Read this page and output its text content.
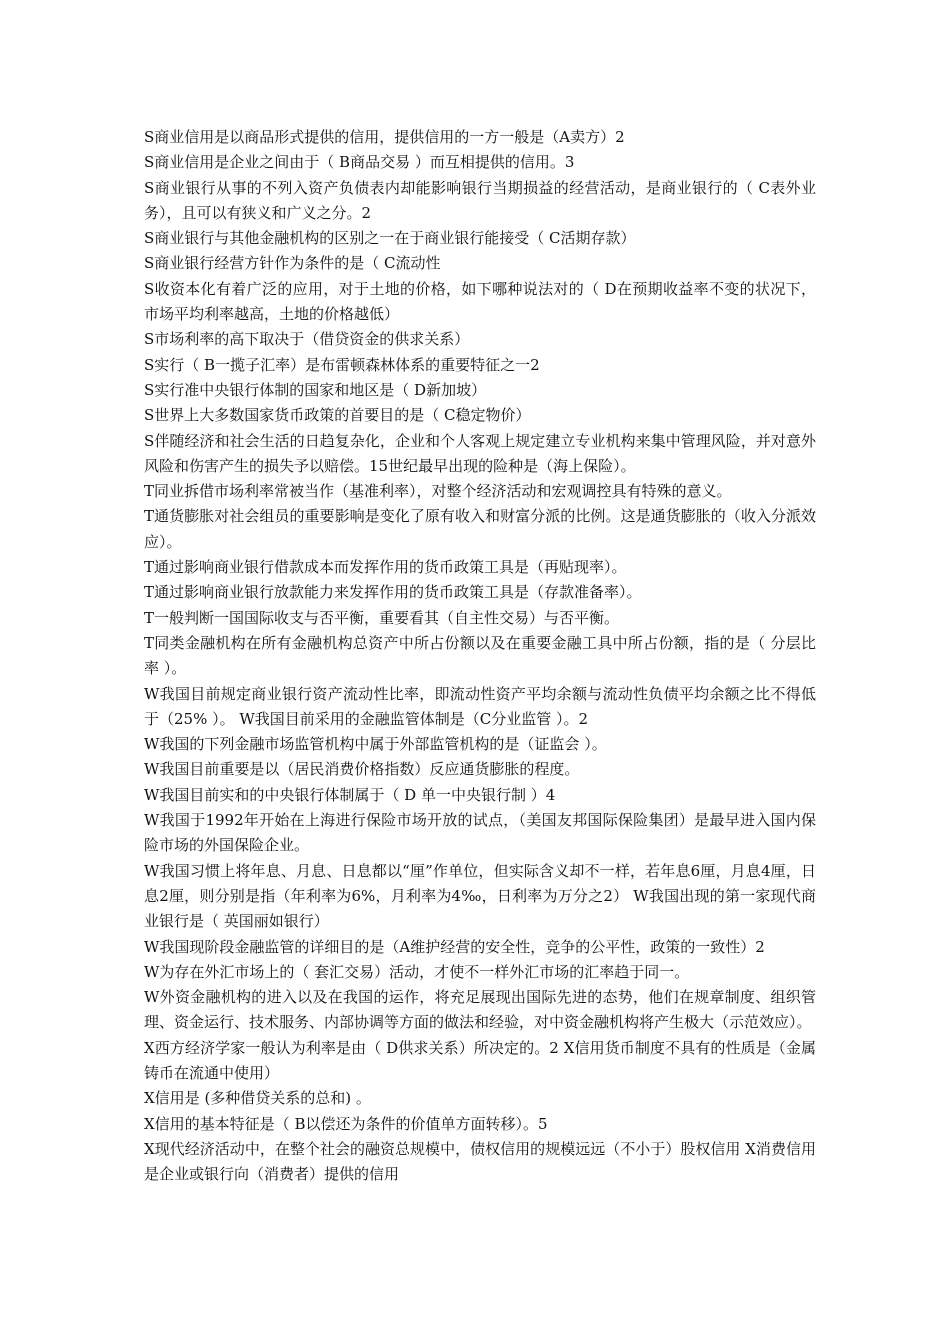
S商业信用是以商品形式提供的信用，提供信用的一方一般是（A卖方）2

S商业信用是企业之间由于（ B商品交易 ）而互相提供的信用。3

S商业银行从事的不列入资产负债表内却能影响银行当期损益的经营活动，是商业银行的（ C表外业务），且可以有狭义和广义之分。2

S商业银行与其他金融机构的区别之一在于商业银行能接受（ C活期存款）

S商业银行经营方针作为条件的是（ C流动性

S收资本化有着广泛的应用，对于土地的价格，如下哪种说法对的（ D在预期收益率不变的状况下，市场平均利率越高，土地的价格越低）

S市场利率的高下取决于（借贷资金的供求关系）

S实行（ B一揽子汇率）是布雷顿森林体系的重要特征之一2

S实行准中央银行体制的国家和地区是（ D新加坡）

S世界上大多数国家货币政策的首要目的是（ C稳定物价）

S伴随经济和社会生活的日趋复杂化，企业和个人客观上规定建立专业机构来集中管理风险，并对意外风险和伤害产生的损失予以赔偿。15世纪最早出现的险种是（海上保险）。

T同业拆借市场利率常被当作（基准利率），对整个经济活动和宏观调控具有特殊的意义。

T通货膨胀对社会组员的重要影响是变化了原有收入和财富分派的比例。这是通货膨胀的（收入分派效应）。

T通过影响商业银行借款成本而发挥作用的货币政策工具是（再贴现率）。

T通过影响商业银行放款能力来发挥作用的货币政策工具是（存款准备率）。

T一般判断一国国际收支与否平衡，重要看其（自主性交易）与否平衡。

T同类金融机构在所有金融机构总资产中所占份额以及在重要金融工具中所占份额，指的是（ 分层比率 ）。

W我国目前规定商业银行资产流动性比率，即流动性资产平均余额与流动性负债平均余额之比不得低于（25% ）。 W我国目前采用的金融监管体制是（C分业监管 ）。2

W我国的下列金融市场监管机构中属于外部监管机构的是（证监会 ）。

W我国目前重要是以（居民消费价格指数）反应通货膨胀的程度。

W我国目前实和的中央银行体制属于（ D 单一中央银行制 ）4

W我国于1992年开始在上海进行保险市场开放的试点，（美国友邦国际保险集团）是最早进入国内保险市场的外国保险企业。

W我国习惯上将年息、月息、日息都以“厘”作单位，但实际含义却不一样，若年息6厘，月息4厘，日息2厘，则分别是指（年利率为6%，月利率为4‰，日利率为万分之2） W我国出现的第一家现代商业银行是（ 英国丽如银行）

W我国现阶段金融监管的详细目的是（A维护经营的安全性，竞争的公平性，政策的一致性）2

W为存在外汇市场上的（ 套汇交易）活动，才使不一样外汇市场的汇率趋于同一。

W外资金融机构的进入以及在我国的运作，将充足展现出国际先进的态势，他们在规章制度、组织管理、资金运行、技术服务、内部协调等方面的做法和经验，对中资金融机构将产生极大（示范效应）。

X西方经济学家一般认为利率是由（ D供求关系）所决定的。2 X信用货币制度不具有的性质是（金属铸币在流通中使用）

X信用是 (多种借贷关系的总和) 。

X信用的基本特征是（ B以偿还为条件的价值单方面转移）。5

X现代经济活动中，在整个社会的融资总规模中，债权信用的规模远远（不小于）股权信用 X消费信用是企业或银行向（消费者）提供的信用
